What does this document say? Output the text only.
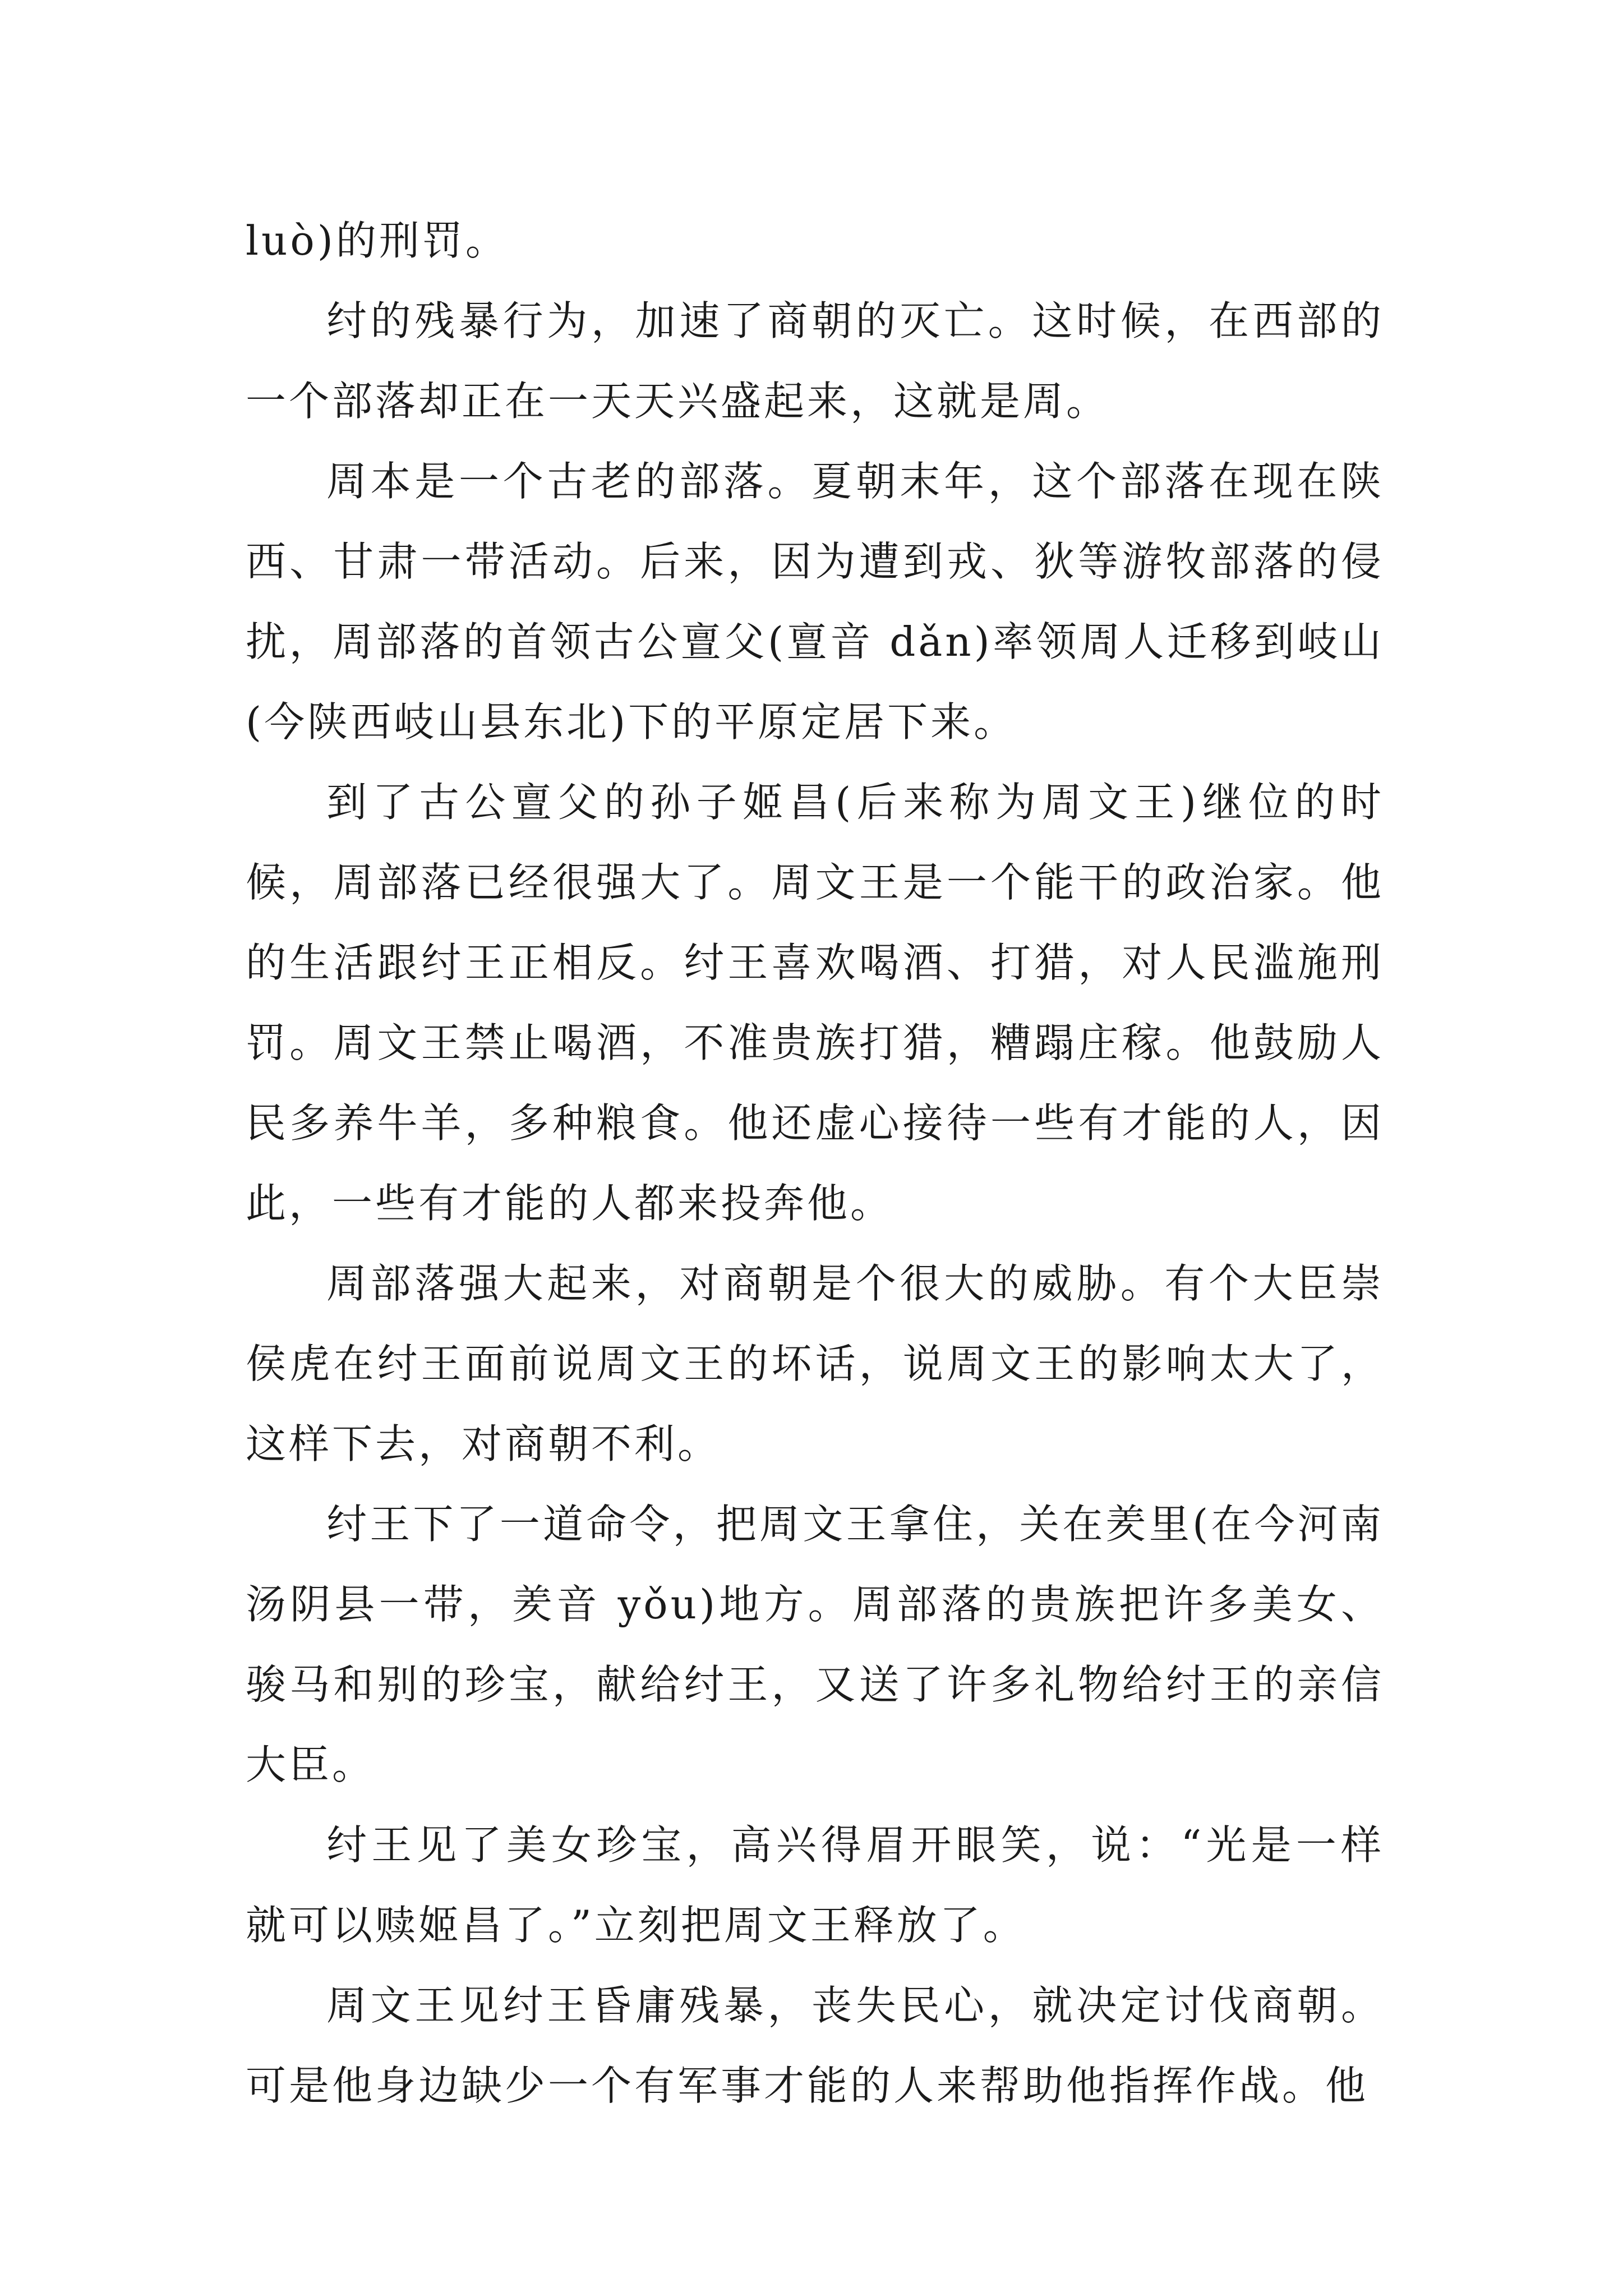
luò)的刑罚。

纣的残暴行为，加速了商朝的灭亡。这时候，在西部的一个部落却正在一天天兴盛起来，这就是周。

周本是一个古老的部落。夏朝末年，这个部落在现在陕西、甘肃一带活动。后来，因为遭到戎、狄等游牧部落的侵扰，周部落的首领古公亶父(亶音 dǎn)率领周人迁移到岐山(今陕西岐山县东北)下的平原定居下来。

到了古公亶父的孙子姬昌(后来称为周文王)继位的时候，周部落已经很强大了。周文王是一个能干的政治家。他的生活跟纣王正相反。纣王喜欢喝酒、打猎，对人民滥施刑罚。周文王禁止喝酒，不准贵族打猎，糟蹋庄稼。他鼓励人民多养牛羊，多种粮食。他还虚心接待一些有才能的人，因此，一些有才能的人都来投奔他。

周部落强大起来，对商朝是个很大的威胁。有个大臣崇侯虎在纣王面前说周文王的坏话，说周文王的影响太大了，这样下去，对商朝不利。

纣王下了一道命令，把周文王拿住，关在羑里(在今河南汤阴县一带，羑音 yǒu)地方。周部落的贵族把许多美女、骏马和别的珍宝，献给纣王，又送了许多礼物给纣王的亲信大臣。

纣王见了美女珍宝，高兴得眉开眼笑，说：“光是一样就可以赎姬昌了。”立刻把周文王释放了。

周文王见纣王昏庸残暴，丧失民心，就决定讨伐商朝。可是他身边缺少一个有军事才能的人来帮助他指挥作战。他
